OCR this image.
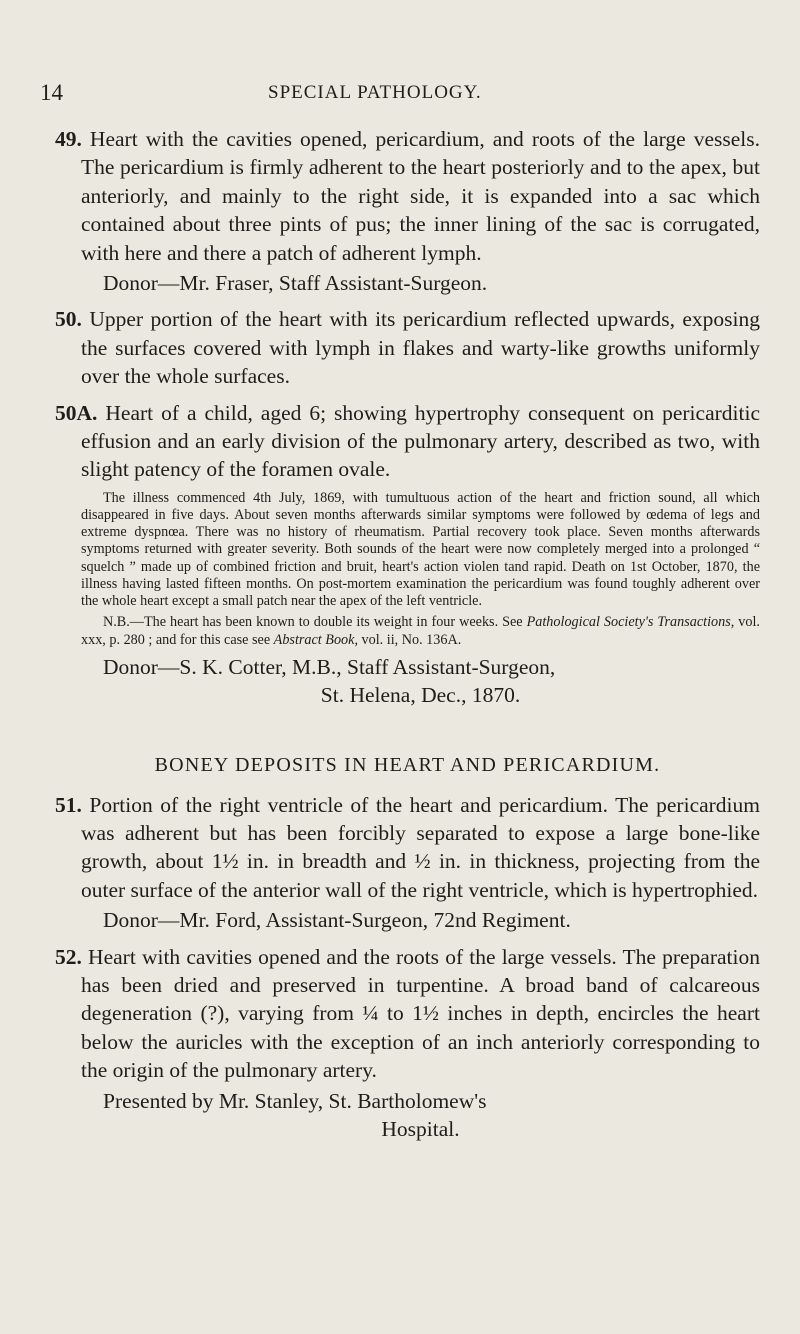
14	SPECIAL PATHOLOGY.

49. Heart with the cavities opened, pericardium, and roots of the large vessels. The pericardium is firmly adherent to the heart posteriorly and to the apex, but anteriorly, and mainly to the right side, it is expanded into a sac which contained about three pints of pus; the inner lining of the sac is corrugated, with here and there a patch of adherent lymph.

Donor—Mr. Fraser, Staff Assistant-Surgeon.

50. Upper portion of the heart with its pericardium reflected upwards, exposing the surfaces covered with lymph in flakes and warty-like growths uniformly over the whole surfaces.

50A. Heart of a child, aged 6; showing hypertrophy consequent on pericarditic effusion and an early division of the pulmonary artery, described as two, with slight patency of the foramen ovale.

The illness commenced 4th July, 1869, with tumultuous action of the heart and friction sound, all which disappeared in five days. About seven months afterwards similar symptoms were followed by œdema of legs and extreme dyspnœa. There was no history of rheumatism. Partial recovery took place. Seven months afterwards symptoms returned with greater severity. Both sounds of the heart were now completely merged into a prolonged “ squelch ” made up of combined friction and bruit, heart's action violen tand rapid. Death on 1st October, 1870, the illness having lasted fifteen months. On post-mortem examination the pericardium was found toughly adherent over the whole heart except a small patch near the apex of the left ventricle.

N.B.—The heart has been known to double its weight in four weeks. See Pathological Society's Transactions, vol. xxx, p. 280 ; and for this case see Abstract Book, vol. ii, No. 136A.

Donor—S. K. Cotter, M.B., Staff Assistant-Surgeon,

St. Helena, Dec., 1870.

BONEY DEPOSITS IN HEART AND PERICARDIUM.

51. Portion of the right ventricle of the heart and pericardium. The pericardium was adherent but has been forcibly separated to expose a large bone-like growth, about 1½ in. in breadth and ½ in. in thickness, projecting from the outer surface of the anterior wall of the right ventricle, which is hypertrophied.

Donor—Mr. Ford, Assistant-Surgeon, 72nd Regiment.

52. Heart with cavities opened and the roots of the large vessels. The preparation has been dried and preserved in turpentine. A broad band of calcareous degeneration (?), varying from ¼ to 1½ inches in depth, encircles the heart below the auricles with the exception of an inch anteriorly corresponding to the origin of the pulmonary artery.

Presented by Mr. Stanley, St. Bartholomew's

Hospital.
